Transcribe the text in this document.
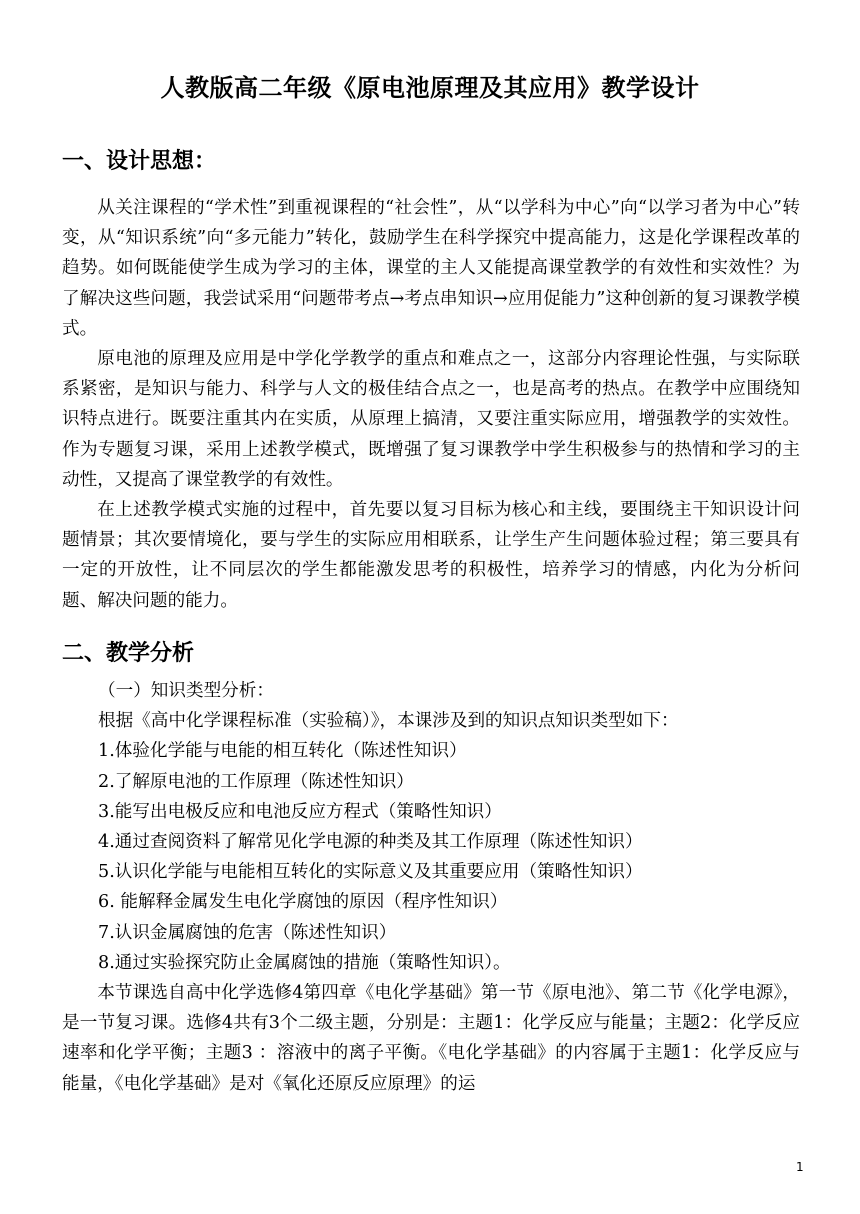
人教版高二年级《原电池原理及其应用》教学设计
一、设计思想：

从关注课程的“学术性”到重视课程的“社会性”，从“以学科为中心”向“以学习者为中心”转变，从“知识系统”向“多元能力”转化，鼓励学生在科学探究中提高能力，这是化学课程改革的趋势。如何既能使学生成为学习的主体，课堂的主人又能提高课堂教学的有效性和实效性？为了解决这些问题，我尝试采用“问题带考点→考点串知识→应用促能力”这种创新的复习课教学模式。

原电池的原理及应用是中学化学教学的重点和难点之一，这部分内容理论性强，与实际联系紧密，是知识与能力、科学与人文的极佳结合点之一，也是高考的热点。在教学中应围绕知识特点进行。既要注重其内在实质，从原理上搞清，又要注重实际应用，增强教学的实效性。作为专题复习课，采用上述教学模式，既增强了复习课教学中学生积极参与的热情和学习的主动性，又提高了课堂教学的有效性。

在上述教学模式实施的过程中，首先要以复习目标为核心和主线，要围绕主干知识设计问题情景；其次要情境化，要与学生的实际应用相联系，让学生产生问题体验过程；第三要具有一定的开放性，让不同层次的学生都能激发思考的积极性，培养学习的情感，内化为分析问题、解决问题的能力。

二、教学分析

（一）知识类型分析：

根据《高中化学课程标准（实验稿）》，本课涉及到的知识点知识类型如下：

1.体验化学能与电能的相互转化（陈述性知识）

2.了解原电池的工作原理（陈述性知识）

3.能写出电极反应和电池反应方程式（策略性知识）

4.通过查阅资料了解常见化学电源的种类及其工作原理（陈述性知识）

5.认识化学能与电能相互转化的实际意义及其重要应用（策略性知识）

6. 能解释金属发生电化学腐蚀的原因（程序性知识）

7.认识金属腐蚀的危害（陈述性知识）

8.通过实验探究防止金属腐蚀的措施（策略性知识）。

本节课选自高中化学选修4第四章《电化学基础》第一节《原电池》、第二节《化学电源》，是一节复习课。选修4共有3个二级主题，分别是：主题1：化学反应与能量；主题2：化学反应速率和化学平衡；主题3 ：溶液中的离子平衡。《电化学基础》的内容属于主题1：化学反应与能量，《电化学基础》是对《氧化还原反应原理》的运

1
